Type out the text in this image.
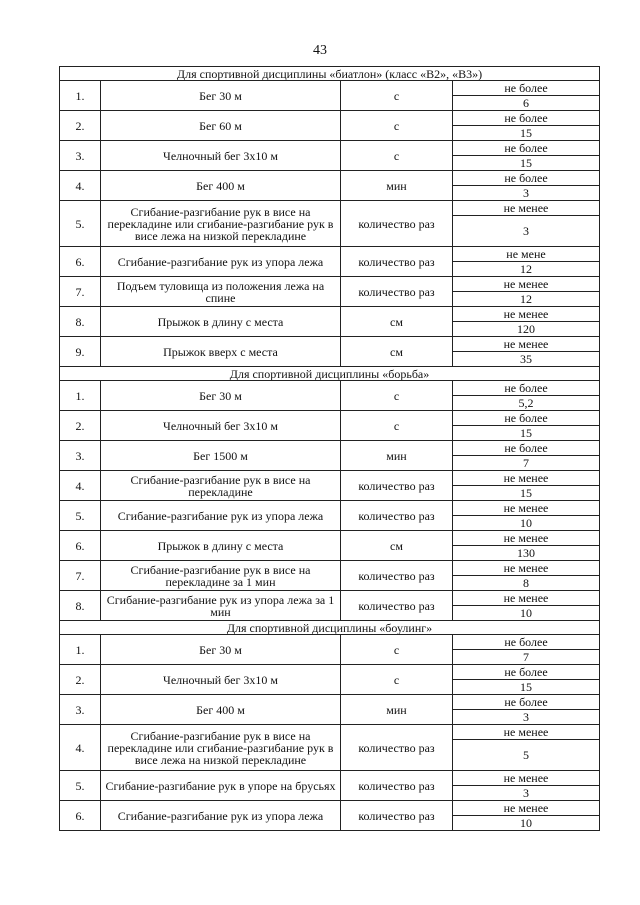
43
Для спортивной дисциплины «биатлон» (класс «В2», «В3»)			
1.	Бег 30 м	с	не более
			6
2.	Бег 60 м	с	не более
			15
3.	Челночный бег 3x10 м	с	не более
			15
4.	Бег 400 м	мин	не более
			3
5.	Сгибание-разгибание рук в висе на перекладине или сгибание-разгибание рук в висе лежа на низкой перекладине	количество раз	не менее
			3
6.	Сгибание-разгибание рук из упора лежа	количество раз	не мене
			12
7.	Подъем туловища из положения лежа на спине	количество раз	не менее
			12
8.	Прыжок в длину с места	см	не менее
			120
9.	Прыжок вверх с места	см	не менее
			35
Для спортивной дисциплины «борьба»			
1.	Бег 30 м	с	не более
			5,2
2.	Челночный бег 3x10 м	с	не более
			15
3.	Бег 1500 м	мин	не более
			7
4.	Сгибание-разгибание рук в висе на перекладине	количество раз	не менее
			15
5.	Сгибание-разгибание рук из упора лежа	количество раз	не менее
			10
6.	Прыжок в длину с места	см	не менее
			130
7.	Сгибание-разгибание рук в висе на перекладине за 1 мин	количество раз	не менее
			8
8.	Сгибание-разгибание рук из упора лежа за 1 мин	количество раз	не менее
			10
Для спортивной дисциплины «боулинг»			
1.	Бег 30 м	с	не более
			7
2.	Челночный бег 3x10 м	с	не более
			15
3.	Бег 400 м	мин	не более
			3
4.	Сгибание-разгибание рук в висе на перекладине или сгибание-разгибание рук в висе лежа на низкой перекладине	количество раз	не менее
			5
5.	Сгибание-разгибание рук в упоре на брусьях	количество раз	не менее
			3
6.	Сгибание-разгибание рук из упора лежа	количество раз	не менее
			10
